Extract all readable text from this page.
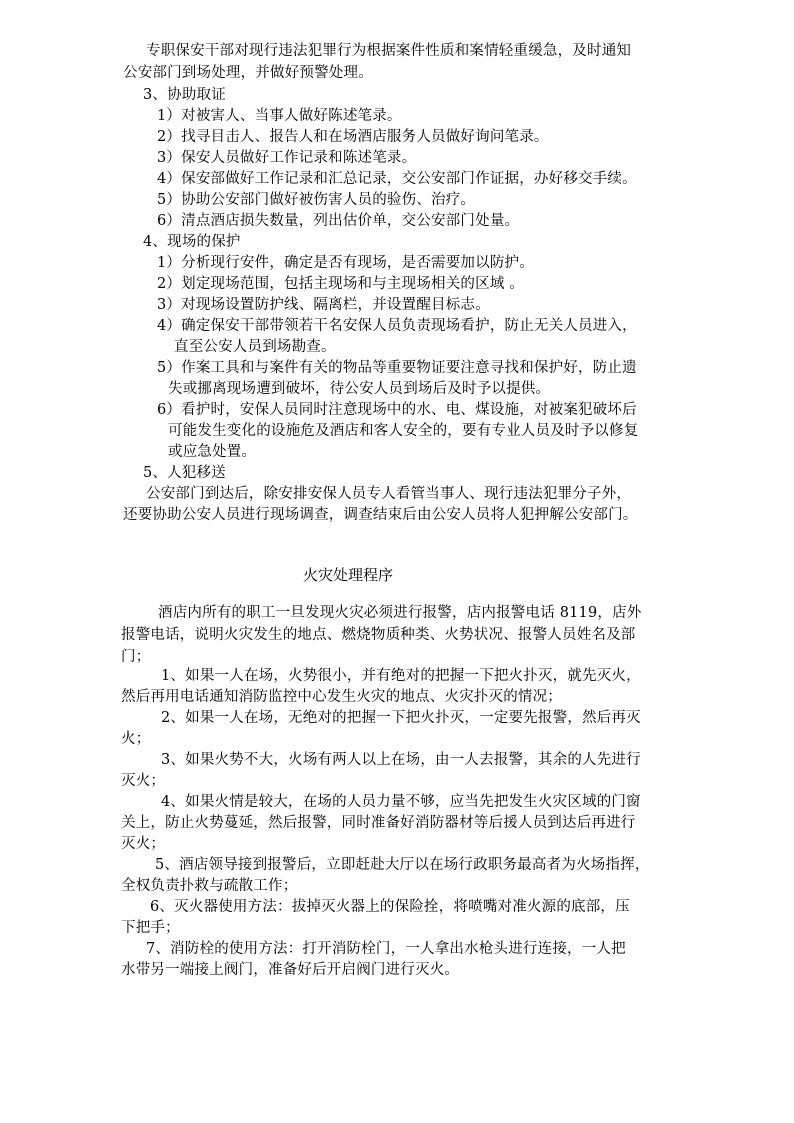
专职保安干部对现行违法犯罪行为根据案件性质和案情轻重缓急，及时通知
公安部门到场处理，并做好预警处理。
3、协助取证
1）对被害人、当事人做好陈述笔录。
2）找寻目击人、报告人和在场酒店服务人员做好询问笔录。
3）保安人员做好工作记录和陈述笔录。
4）保安部做好工作记录和汇总记录，交公安部门作证据，办好移交手续。
5）协助公安部门做好被伤害人员的验伤、治疗。
6）清点酒店损失数量，列出估价单，交公安部门处量。
4、现场的保护
1）分析现行安件，确定是否有现场，是否需要加以防护。
2）划定现场范围，包括主现场和与主现场相关的区域 。
3）对现场设置防护线、隔离栏，并设置醒目标志。
4）确定保安干部带领若干名安保人员负责现场看护，防止无关人员进入，
直至公安人员到场勘查。
5）作案工具和与案件有关的物品等重要物证要注意寻找和保护好，防止遗
失或挪离现场遭到破坏，待公安人员到场后及时予以提供。
6）看护时，安保人员同时注意现场中的水、电、煤设施，对被案犯破坏后
可能发生变化的设施危及酒店和客人安全的，要有专业人员及时予以修复
或应急处置。
5、人犯移送
公安部门到达后，除安排安保人员专人看管当事人、现行违法犯罪分子外，
还要协助公安人员进行现场调查，调查结束后由公安人员将人犯押解公安部门。
火灾处理程序
酒店内所有的职工一旦发现火灾必须进行报警，店内报警电话 8119，店外
报警电话，说明火灾发生的地点、燃烧物质种类、火势状况、报警人员姓名及部
门；
1、如果一人在场，火势很小，并有绝对的把握一下把火扑灭，就先灭火，
然后再用电话通知消防监控中心发生火灾的地点、火灾扑灭的情况；
2、如果一人在场，无绝对的把握一下把火扑灭，一定要先报警，然后再灭
火；
3、如果火势不大，火场有两人以上在场，由一人去报警，其余的人先进行
灭火；
4、如果火情是较大，在场的人员力量不够，应当先把发生火灾区域的门窗
关上，防止火势蔓延，然后报警，同时准备好消防器材等后援人员到达后再进行
灭火；
5、酒店领导接到报警后，立即赶赴大厅以在场行政职务最高者为火场指挥，
全权负责扑救与疏散工作；
6、灭火器使用方法：拔掉灭火器上的保险拴，将喷嘴对准火源的底部，压
下把手；
7、消防栓的使用方法：打开消防栓门，一人拿出水枪头进行连接，一人把
水带另一端接上阀门，准备好后开启阀门进行灭火。
